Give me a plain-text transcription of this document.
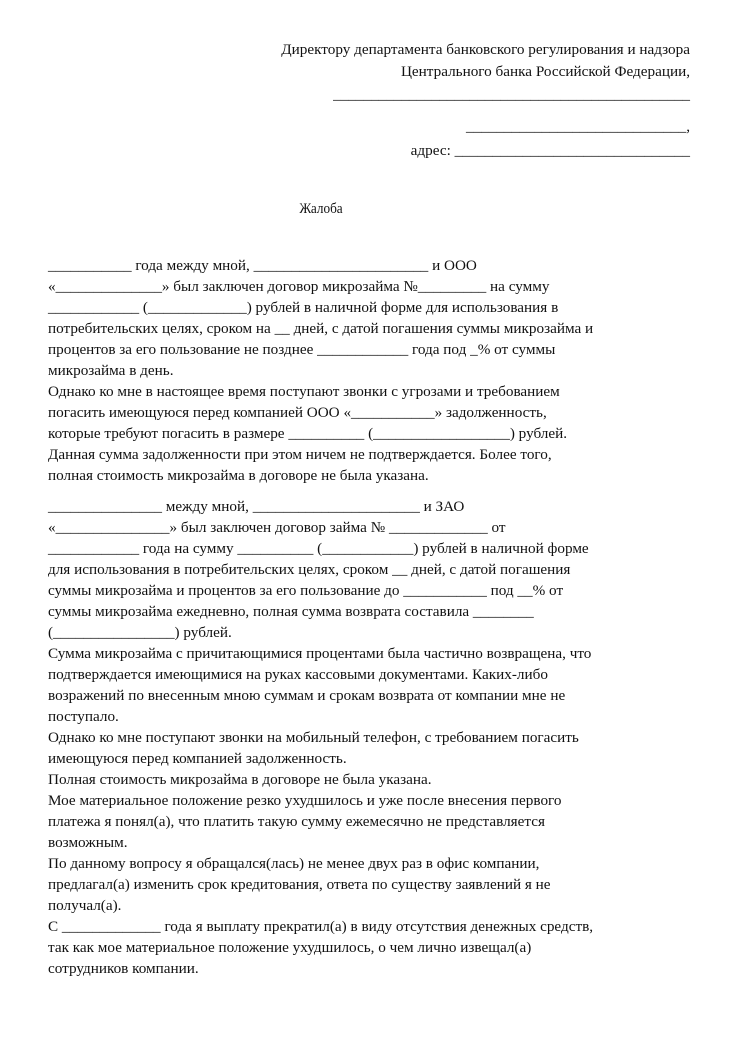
Директору департамента банковского регулирования и надзора
Центрального банка Российской Федерации,
_______________________________________________
_____________________________,
адрес: _______________________________
Жалоба
___________ года между мной, _______________________ и ООО
«______________» был заключен договор микрозайма №_________ на сумму
____________ (_____________) рублей в наличной форме для использования в
потребительских целях, сроком на __ дней, с датой погашения суммы микрозайма и
процентов за его пользование не позднее ____________ года под _% от суммы
микрозайма в день.
Однако ко мне в настоящее время поступают звонки с угрозами и требованием
погасить имеющуюся перед компанией ООО «___________» задолженность,
которые требуют погасить в размере __________ (__________________) рублей.
Данная сумма задолженности при этом ничем не подтверждается. Более того,
полная стоимость микрозайма в договоре не была указана.
_______________ между мной, ______________________ и ЗАО
«_______________» был заключен договор займа № _____________ от
____________ года на сумму __________ (____________) рублей в наличной форме
для использования в потребительских целях, сроком __ дней, с датой погашения
суммы микрозайма и процентов за его пользование до ___________ под __% от
суммы микрозайма ежедневно, полная сумма возврата составила ________
(________________) рублей.
Сумма микрозайма с причитающимися процентами была частично возвращена, что
подтверждается имеющимися на руках кассовыми документами. Каких-либо
возражений по внесенным мною суммам и срокам возврата от компании мне не
поступало.
Однако ко мне поступают звонки на мобильный телефон, с требованием погасить
имеющуюся перед компанией задолженность.
Полная стоимость микрозайма в договоре не была указана.
Мое материальное положение резко ухудшилось и уже после внесения первого
платежа я понял(а), что платить такую сумму ежемесячно не представляется
возможным.
По данному вопросу я обращался(лась) не менее двух раз в офис компании,
предлагал(а) изменить срок кредитования, ответа по существу заявлений я не
получал(а).
С _____________ года я выплату прекратил(а) в виду отсутствия денежных средств,
так как мое материальное положение ухудшилось, о чем лично извещал(а)
сотрудников компании.
